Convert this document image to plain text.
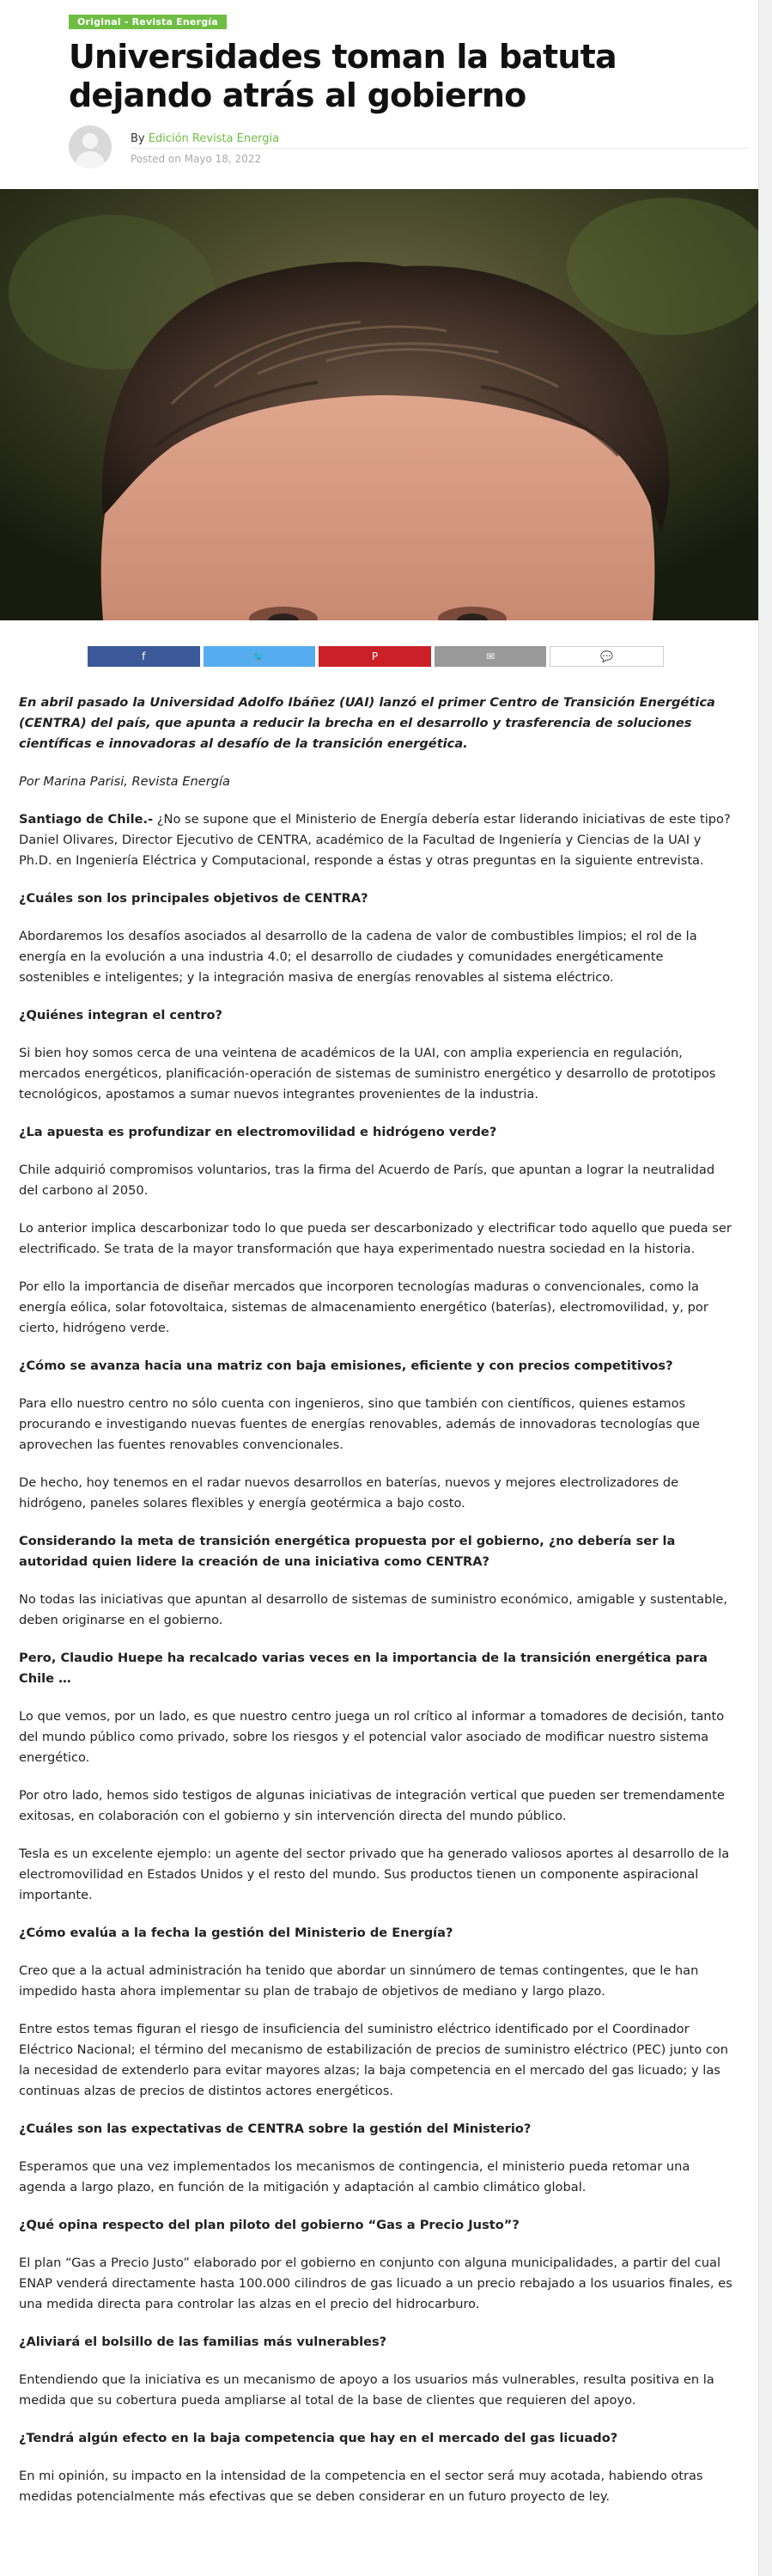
Original - Revista Energía
Universidades toman la batuta dejando atrás al gobierno
By Edición Revista Energia
Posted on Mayo 18, 2022
f	🐦	P	✉	💬

En abril pasado la Universidad Adolfo Ibáñez (UAI) lanzó el primer Centro de Transición Energética (CENTRA) del país, que apunta a reducir la brecha en el desarrollo y trasferencia de soluciones científicas e innovadoras al desafío de la transición energética.

Por Marina Parisi, Revista Energía

Santiago de Chile.- ¿No se supone que el Ministerio de Energía debería estar liderando iniciativas de este tipo? Daniel Olivares, Director Ejecutivo de CENTRA, académico de la Facultad de Ingeniería y Ciencias de la UAI y Ph.D. en Ingeniería Eléctrica y Computacional, responde a éstas y otras preguntas en la siguiente entrevista.

¿Cuáles son los principales objetivos de CENTRA?

Abordaremos los desafíos asociados al desarrollo de la cadena de valor de combustibles limpios; el rol de la energía en la evolución a una industria 4.0; el desarrollo de ciudades y comunidades energéticamente sostenibles e inteligentes; y la integración masiva de energías renovables al sistema eléctrico.

¿Quiénes integran el centro?

Si bien hoy somos cerca de una veintena de académicos de la UAI, con amplia experiencia en regulación, mercados energéticos, planificación-operación de sistemas de suministro energético y desarrollo de prototipos tecnológicos, apostamos a sumar nuevos integrantes provenientes de la industria.

¿La apuesta es profundizar en electromovilidad e hidrógeno verde?

Chile adquirió compromisos voluntarios, tras la firma del Acuerdo de París, que apuntan a lograr la neutralidad del carbono al 2050.

Lo anterior implica descarbonizar todo lo que pueda ser descarbonizado y electrificar todo aquello que pueda ser electrificado. Se trata de la mayor transformación que haya experimentado nuestra sociedad en la historia.

Por ello la importancia de diseñar mercados que incorporen tecnologías maduras o convencionales, como la energía eólica, solar fotovoltaica, sistemas de almacenamiento energético (baterías), electromovilidad, y, por cierto, hidrógeno verde.

¿Cómo se avanza hacia una matriz con baja emisiones, eficiente y con precios competitivos?

Para ello nuestro centro no sólo cuenta con ingenieros, sino que también con científicos, quienes estamos procurando e investigando nuevas fuentes de energías renovables, además de innovadoras tecnologías que aprovechen las fuentes renovables convencionales.

De hecho, hoy tenemos en el radar nuevos desarrollos en baterías, nuevos y mejores electrolizadores de hidrógeno, paneles solares flexibles y energía geotérmica a bajo costo.

Considerando la meta de transición energética propuesta por el gobierno, ¿no debería ser la autoridad quien lidere la creación de una iniciativa como CENTRA?

No todas las iniciativas que apuntan al desarrollo de sistemas de suministro económico, amigable y sustentable, deben originarse en el gobierno.

Pero, Claudio Huepe ha recalcado varias veces en la importancia de la transición energética para Chile …

Lo que vemos, por un lado, es que nuestro centro juega un rol crítico al informar a tomadores de decisión, tanto del mundo público como privado, sobre los riesgos y el potencial valor asociado de modificar nuestro sistema energético.

Por otro lado, hemos sido testigos de algunas iniciativas de integración vertical que pueden ser tremendamente exitosas, en colaboración con el gobierno y sin intervención directa del mundo público.

Tesla es un excelente ejemplo: un agente del sector privado que ha generado valiosos aportes al desarrollo de la electromovilidad en Estados Unidos y el resto del mundo. Sus productos tienen un componente aspiracional importante.

¿Cómo evalúa a la fecha la gestión del Ministerio de Energía?

Creo que a la actual administración ha tenido que abordar un sinnúmero de temas contingentes, que le han impedido hasta ahora implementar su plan de trabajo de objetivos de mediano y largo plazo.

Entre estos temas figuran el riesgo de insuficiencia del suministro eléctrico identificado por el Coordinador Eléctrico Nacional; el término del mecanismo de estabilización de precios de suministro eléctrico (PEC) junto con la necesidad de extenderlo para evitar mayores alzas; la baja competencia en el mercado del gas licuado; y las continuas alzas de precios de distintos actores energéticos.

¿Cuáles son las expectativas de CENTRA sobre la gestión del Ministerio?

Esperamos que una vez implementados los mecanismos de contingencia, el ministerio pueda retomar una agenda a largo plazo, en función de la mitigación y adaptación al cambio climático global.

¿Qué opina respecto del plan piloto del gobierno “Gas a Precio Justo”?

El plan “Gas a Precio Justo” elaborado por el gobierno en conjunto con alguna municipalidades, a partir del cual ENAP venderá directamente hasta 100.000 cilindros de gas licuado a un precio rebajado a los usuarios finales, es una medida directa para controlar las alzas en el precio del hidrocarburo.

¿Aliviará el bolsillo de las familias más vulnerables?

Entendiendo que la iniciativa es un mecanismo de apoyo a los usuarios más vulnerables, resulta positiva en la medida que su cobertura pueda ampliarse al total de la base de clientes que requieren del apoyo.

¿Tendrá algún efecto en la baja competencia que hay en el mercado del gas licuado?

En mi opinión, su impacto en la intensidad de la competencia en el sector será muy acotada, habiendo otras medidas potencialmente más efectivas que se deben considerar en un futuro proyecto de ley.
